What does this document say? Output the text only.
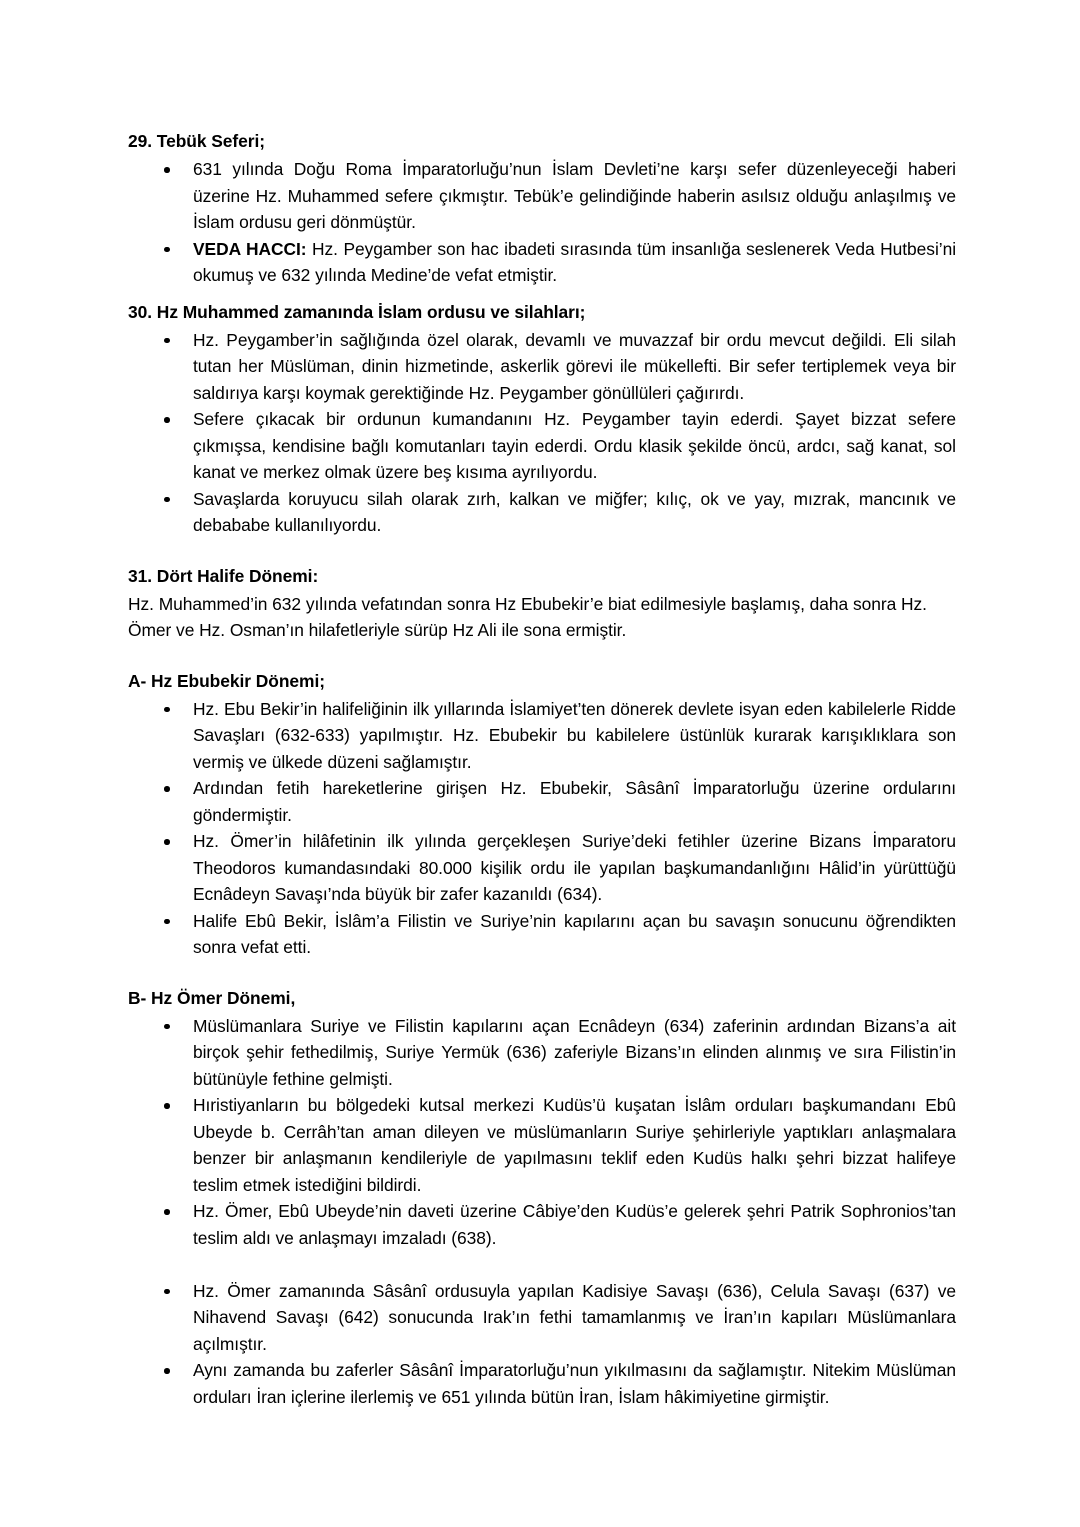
29. Tebük Seferi;
631 yılında Doğu Roma İmparatorluğu’nun İslam Devleti’ne karşı sefer düzenleyeceği haberi üzerine Hz. Muhammed sefere çıkmıştır. Tebük’e gelindiğinde haberin asılsız olduğu anlaşılmış ve İslam ordusu geri dönmüştür.
VEDA HACCI: Hz. Peygamber son hac ibadeti sırasında tüm insanlığa seslenerek Veda Hutbesi’ni okumuş ve 632 yılında Medine’de vefat etmiştir.
30. Hz Muhammed zamanında İslam ordusu ve silahları;
Hz. Peygamber’in sağlığında özel olarak, devamlı ve muvazzaf bir ordu mevcut değildi. Eli silah tutan her Müslüman, dinin hizmetinde, askerlik görevi ile mükellefti. Bir sefer tertiplemek veya bir saldırıya karşı koymak gerektiğinde Hz. Peygamber gönüllüleri çağırırdı.
Sefere çıkacak bir ordunun kumandanını Hz. Peygamber tayin ederdi. Şayet bizzat sefere çıkmışsa, kendisine bağlı komutanları tayin ederdi. Ordu klasik şekilde öncü, ardcı, sağ kanat, sol kanat ve merkez olmak üzere beş kısıma ayrılıyordu.
Savaşlarda koruyucu silah olarak zırh, kalkan ve miğfer; kılıç, ok ve yay, mızrak, mancınık ve debababe kullanılıyordu.
31. Dört Halife Dönemi:

Hz. Muhammed’in 632 yılında vefatından sonra Hz Ebubekir’e biat edilmesiyle başlamış, daha sonra Hz. Ömer ve Hz. Osman’ın hilafetleriyle sürüp Hz Ali ile sona ermiştir.

A- Hz Ebubekir Dönemi;
Hz. Ebu Bekir’in halifeliğinin ilk yıllarında İslamiyet’ten dönerek devlete isyan eden kabilelerle Ridde Savaşları (632-633) yapılmıştır. Hz. Ebubekir bu kabilelere üstünlük kurarak karışıklıklara son vermiş ve ülkede düzeni sağlamıştır.
Ardından fetih hareketlerine girişen Hz. Ebubekir, Sâsânî İmparatorluğu üzerine ordularını göndermiştir.
Hz. Ömer’in hilâfetinin ilk yılında gerçekleşen Suriye’deki fetihler üzerine Bizans İmparatoru Theodoros kumandasındaki 80.000 kişilik ordu ile yapılan başkumandanlığını Hâlid’in yürüttüğü Ecnâdeyn Savaşı’nda büyük bir zafer kazanıldı (634).
Halife Ebû Bekir, İslâm’a Filistin ve Suriye’nin kapılarını açan bu savaşın sonucunu öğrendikten sonra vefat etti.
B- Hz Ömer Dönemi,
Müslümanlara Suriye ve Filistin kapılarını açan Ecnâdeyn (634) zaferinin ardından Bizans’a ait birçok şehir fethedilmiş, Suriye Yermük (636) zaferiyle Bizans’ın elinden alınmış ve sıra Filistin’in bütünüyle fethine gelmişti.
Hıristiyanların bu bölgedeki kutsal merkezi Kudüs’ü kuşatan İslâm orduları başkumandanı Ebû Ubeyde b. Cerrâh’tan aman dileyen ve müslümanların Suriye şehirleriyle yaptıkları anlaşmalara benzer bir anlaşmanın kendileriyle de yapılmasını teklif eden Kudüs halkı şehri bizzat halifeye teslim etmek istediğini bildirdi.
Hz. Ömer, Ebû Ubeyde’nin daveti üzerine Câbiye’den Kudüs’e gelerek şehri Patrik Sophronios’tan teslim aldı ve anlaşmayı imzaladı (638).
Hz. Ömer zamanında Sâsânî ordusuyla yapılan Kadisiye Savaşı (636), Celula Savaşı (637) ve Nihavend Savaşı (642) sonucunda Irak’ın fethi tamamlanmış ve İran’ın kapıları Müslümanlara açılmıştır.
Aynı zamanda bu zaferler Sâsânî İmparatorluğu’nun yıkılmasını da sağlamıştır. Nitekim Müslüman orduları İran içlerine ilerlemiş ve 651 yılında bütün İran, İslam hâkimiyetine girmiştir.
